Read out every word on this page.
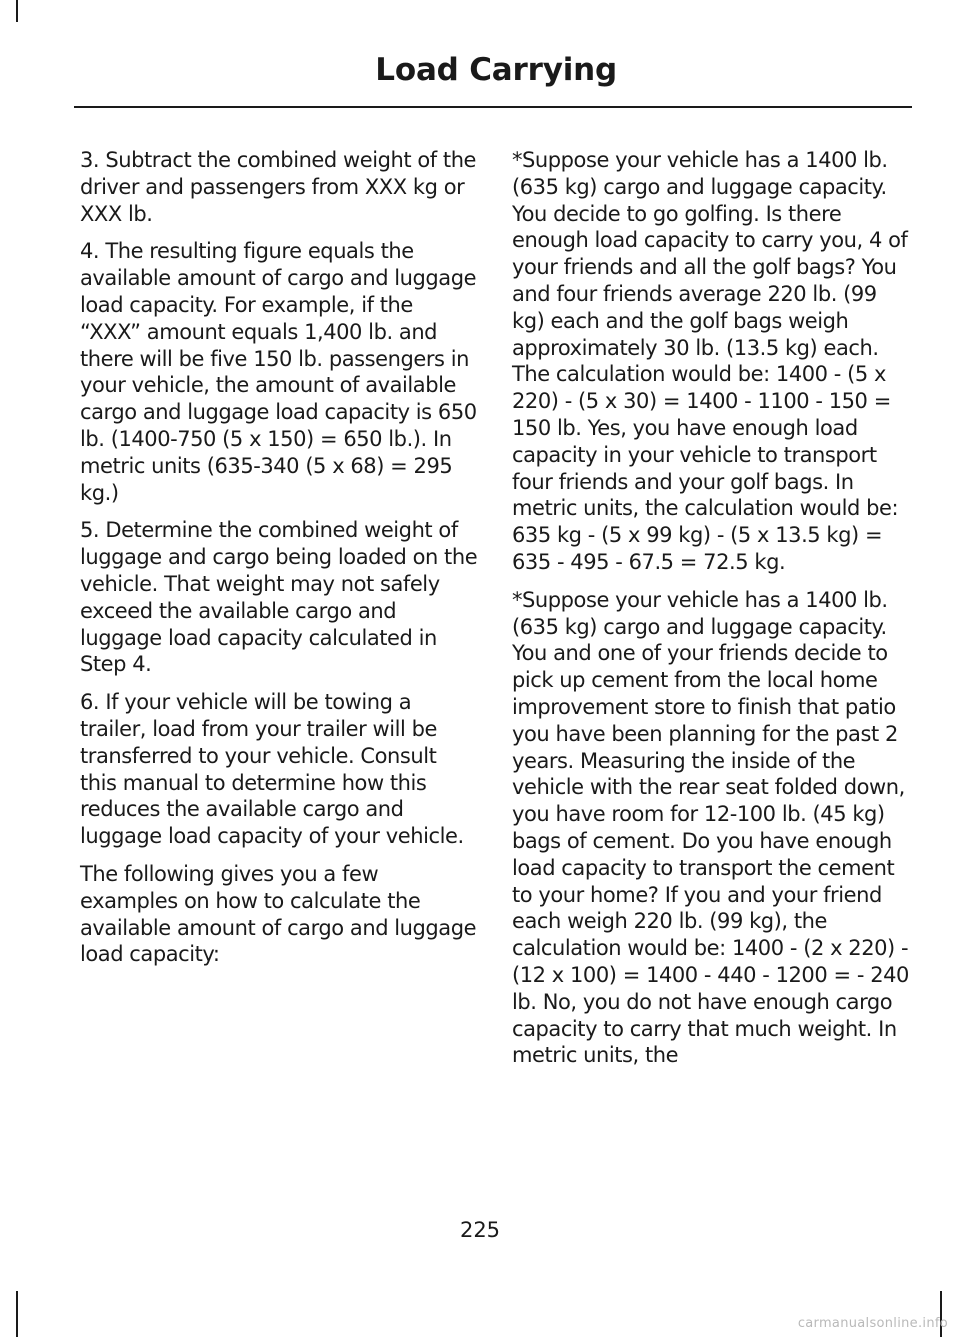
Load Carrying

3. Subtract the combined weight of the driver and passengers from XXX kg or XXX lb.

4. The resulting figure equals the available amount of cargo and luggage load capacity. For example, if the “XXX” amount equals 1,400 lb. and there will be five 150 lb. passengers in your vehicle, the amount of available cargo and luggage load capacity is 650 lb. (1400-750 (5 x 150) = 650 lb.). In metric units (635-340 (5 x 68) = 295 kg.)

5. Determine the combined weight of luggage and cargo being loaded on the vehicle. That weight may not safely exceed the available cargo and luggage load capacity calculated in Step 4.

6. If your vehicle will be towing a trailer, load from your trailer will be transferred to your vehicle. Consult this manual to determine how this reduces the available cargo and luggage load capacity of your vehicle.

The following gives you a few examples on how to calculate the available amount of cargo and luggage load capacity:

*Suppose your vehicle has a 1400 lb. (635 kg) cargo and luggage capacity. You decide to go golfing. Is there enough load capacity to carry you, 4 of your friends and all the golf bags? You and four friends average 220 lb. (99 kg) each and the golf bags weigh approximately 30 lb. (13.5 kg) each. The calculation would be: 1400 - (5 x 220) - (5 x 30) = 1400 - 1100 - 150 = 150 lb. Yes, you have enough load capacity in your vehicle to transport four friends and your golf bags. In metric units, the calculation would be: 635 kg - (5 x 99 kg) - (5 x 13.5 kg) = 635 - 495 - 67.5 = 72.5 kg.

*Suppose your vehicle has a 1400 lb. (635 kg) cargo and luggage capacity. You and one of your friends decide to pick up cement from the local home improvement store to finish that patio you have been planning for the past 2 years. Measuring the inside of the vehicle with the rear seat folded down, you have room for 12-100 lb. (45 kg) bags of cement. Do you have enough load capacity to transport the cement to your home? If you and your friend each weigh 220 lb. (99 kg), the calculation would be: 1400 - (2 x 220) - (12 x 100) = 1400 - 440 - 1200 = - 240 lb. No, you do not have enough cargo capacity to carry that much weight. In metric units, the

225
carmanualsonline.info
